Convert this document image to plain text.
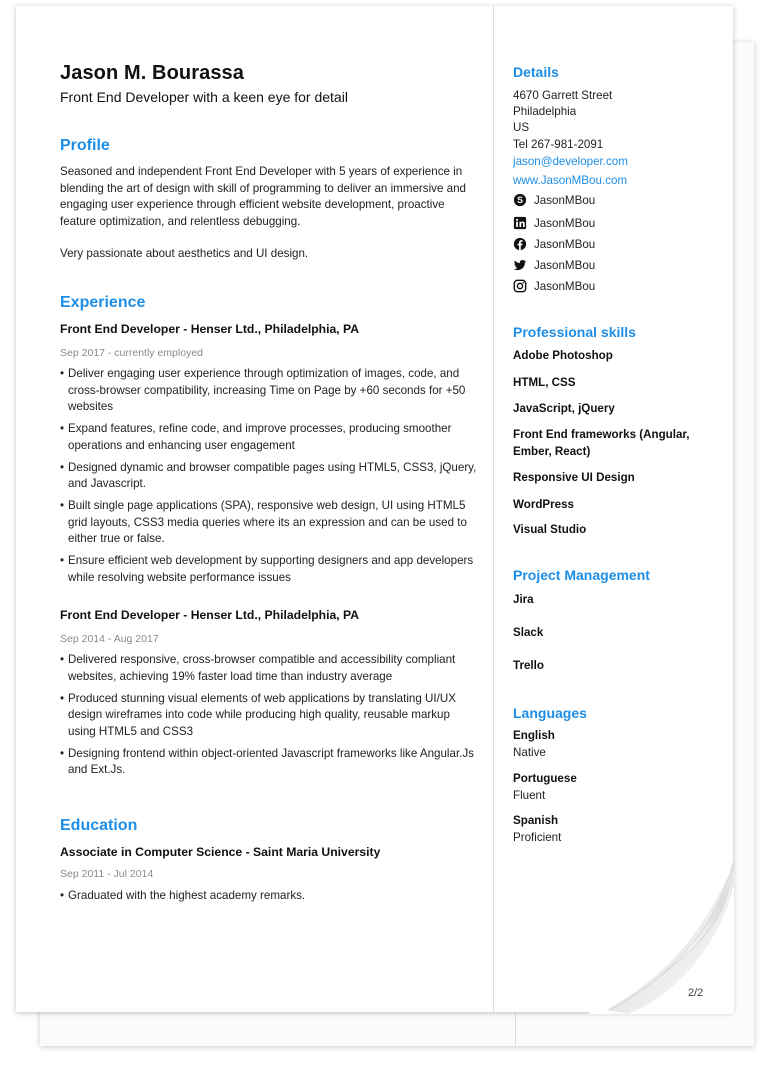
Jason M. Bourassa
Front End Developer with a keen eye for detail
Profile
Seasoned and independent Front End Developer with 5 years of experience in blending the art of design with skill of programming to deliver an immersive and engaging user experience through efficient website development, proactive feature optimization, and relentless debugging.
Very passionate about aesthetics and UI design.
Experience
Front End Developer - Henser Ltd., Philadelphia, PA
Sep 2017 - currently employed
• Deliver engaging user experience through optimization of images, code, and cross-browser compatibility, increasing Time on Page by +60 seconds for +50 websites
• Expand features, refine code, and improve processes, producing smoother operations and enhancing user engagement
• Designed dynamic and browser compatible pages using HTML5, CSS3, jQuery, and Javascript.
• Built single page applications (SPA), responsive web design, UI using HTML5 grid layouts, CSS3 media queries where its an expression and can be used to either true or false.
• Ensure efficient web development by supporting designers and app developers while resolving website performance issues
Front End Developer - Henser Ltd., Philadelphia, PA
Sep 2014 - Aug 2017
• Delivered responsive, cross-browser compatible and accessibility compliant websites, achieving 19% faster load time than industry average
• Produced stunning visual elements of web applications by translating UI/UX design wireframes into code while producing high quality, reusable markup using HTML5 and CSS3
• Designing frontend within object-oriented Javascript frameworks like Angular.Js and Ext.Js.
Education
Associate in Computer Science - Saint Maria University
Sep 2011 - Jul 2014
• Graduated with the highest academy remarks.
Details
4670 Garrett Street
Philadelphia
US
Tel 267-981-2091
jason@developer.com
www.JasonMBou.com
S JasonMBou
JasonMBou
JasonMBou
JasonMBou
JasonMBou
Professional skills
Adobe Photoshop
HTML, CSS
JavaScript, jQuery
Front End frameworks (Angular, Ember, React)
Responsive UI Design
WordPress
Visual Studio
Project Management
Jira
Slack
Trello
Languages
English
Native
Portuguese
Fluent
Spanish
Proficient
2/2
